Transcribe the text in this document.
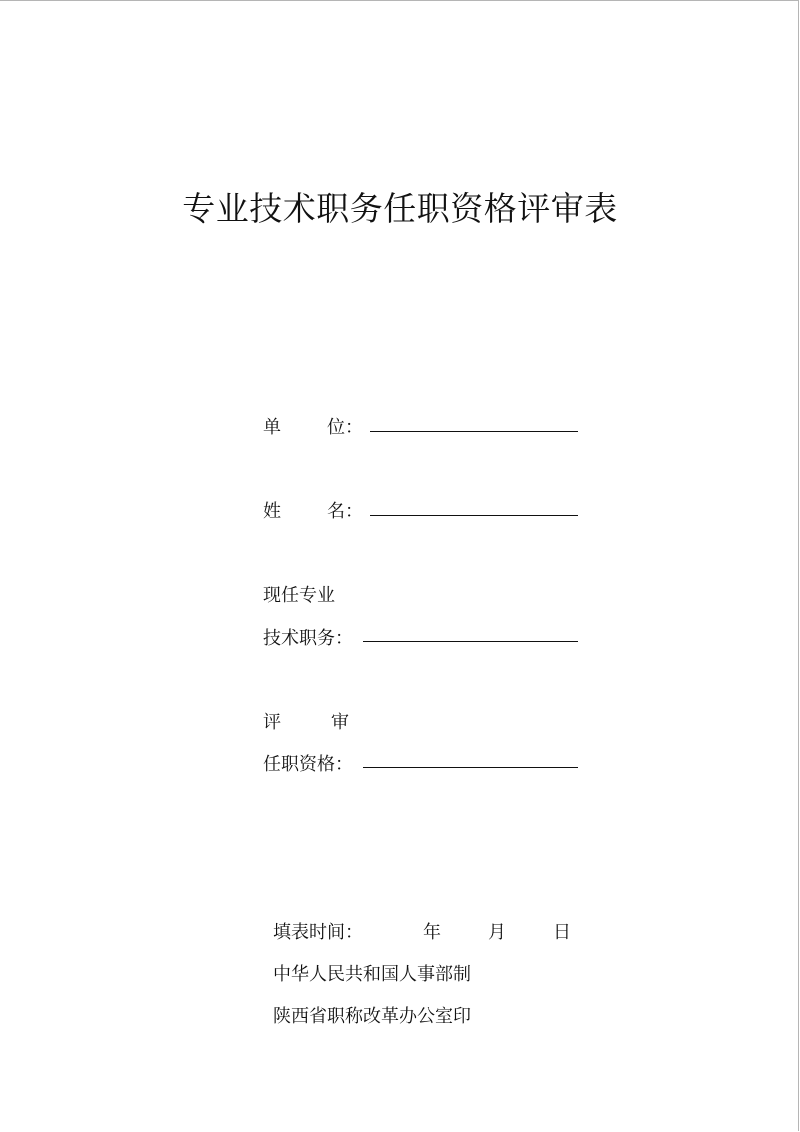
专业技术职务任职资格评审表
单	位：
姓	名：
现任专业
技术职务：
评	审
任职资格：
填表时间：	年	月	日
中华人民共和国人事部制
陕西省职称改革办公室印
